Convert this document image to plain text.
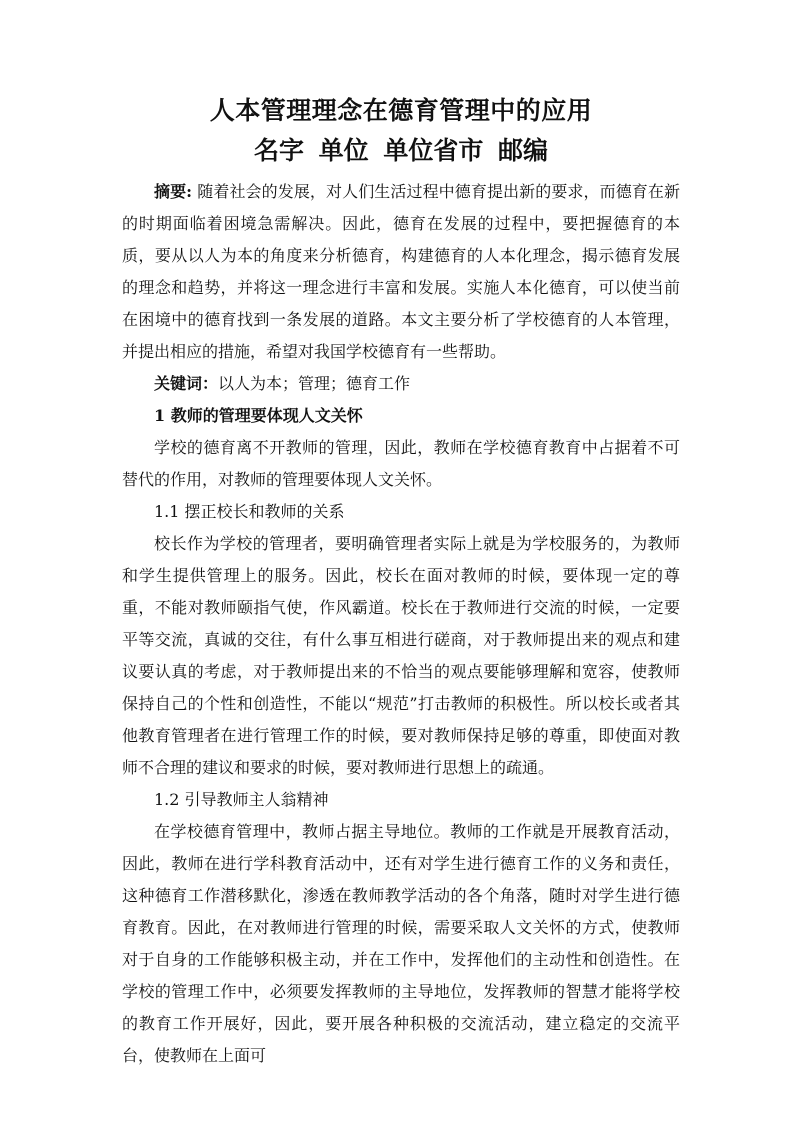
人本管理理念在德育管理中的应用
名字 单位 单位省市 邮编

摘要: 随着社会的发展，对人们生活过程中德育提出新的要求，而德育在新的时期面临着困境急需解决。因此，德育在发展的过程中，要把握德育的本质，要从以人为本的角度来分析德育，构建德育的人本化理念，揭示德育发展的理念和趋势，并将这一理念进行丰富和发展。实施人本化德育，可以使当前在困境中的德育找到一条发展的道路。本文主要分析了学校德育的人本管理，并提出相应的措施，希望对我国学校德育有一些帮助。

关键词：以人为本；管理；德育工作

1 教师的管理要体现人文关怀

学校的德育离不开教师的管理，因此，教师在学校德育教育中占据着不可替代的作用，对教师的管理要体现人文关怀。

1.1 摆正校长和教师的关系

校长作为学校的管理者，要明确管理者实际上就是为学校服务的，为教师和学生提供管理上的服务。因此，校长在面对教师的时候，要体现一定的尊重，不能对教师颐指气使，作风霸道。校长在于教师进行交流的时候，一定要平等交流，真诚的交往，有什么事互相进行磋商，对于教师提出来的观点和建议要认真的考虑，对于教师提出来的不恰当的观点要能够理解和宽容，使教师保持自己的个性和创造性，不能以“规范”打击教师的积极性。所以校长或者其他教育管理者在进行管理工作的时候，要对教师保持足够的尊重，即使面对教师不合理的建议和要求的时候，要对教师进行思想上的疏通。

1.2 引导教师主人翁精神

在学校德育管理中，教师占据主导地位。教师的工作就是开展教育活动，因此，教师在进行学科教育活动中，还有对学生进行德育工作的义务和责任，这种德育工作潜移默化，渗透在教师教学活动的各个角落，随时对学生进行德育教育。因此，在对教师进行管理的时候，需要采取人文关怀的方式，使教师对于自身的工作能够积极主动，并在工作中，发挥他们的主动性和创造性。在学校的管理工作中，必须要发挥教师的主导地位，发挥教师的智慧才能将学校的教育工作开展好，因此，要开展各种积极的交流活动，建立稳定的交流平台，使教师在上面可
